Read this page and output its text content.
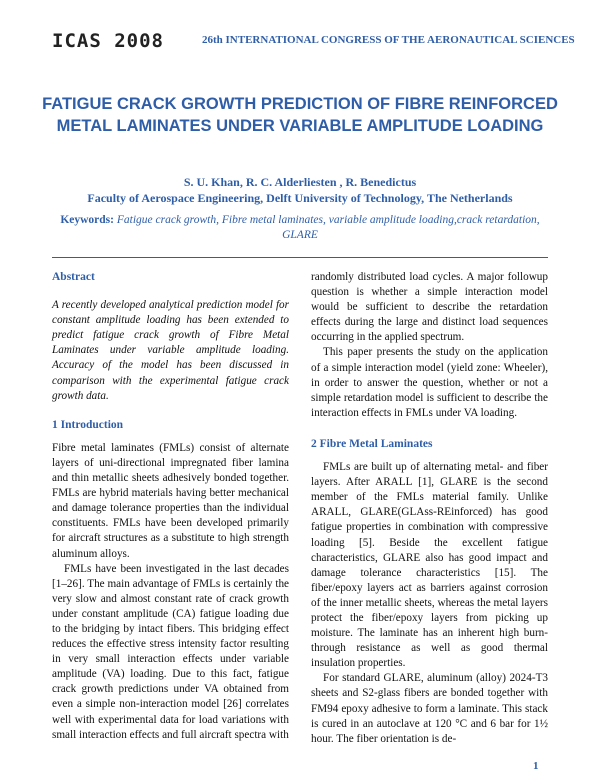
ICAS 2008	26th INTERNATIONAL CONGRESS OF THE AERONAUTICAL SCIENCES
FATIGUE CRACK GROWTH PREDICTION OF FIBRE REINFORCED METAL LAMINATES UNDER VARIABLE AMPLITUDE LOADING
S. U. Khan, R. C. Alderliesten , R. Benedictus
Faculty of Aerospace Engineering, Delft University of Technology, The Netherlands
Keywords: Fatigue crack growth, Fibre metal laminates, variable amplitude loading,crack retardation, GLARE
Abstract

A recently developed analytical prediction model for constant amplitude loading has been extended to predict fatigue crack growth of Fibre Metal Laminates under variable amplitude loading. Accuracy of the model has been discussed in comparison with the experimental fatigue crack growth data.

1 Introduction

Fibre metal laminates (FMLs) consist of alternate layers of uni-directional impregnated fiber lamina and thin metallic sheets adhesively bonded together. FMLs are hybrid materials having better mechanical and damage tolerance properties than the individual constituents. FMLs have been developed primarily for aircraft structures as a substitute to high strength aluminum alloys.

FMLs have been investigated in the last decades [1–26]. The main advantage of FMLs is certainly the very slow and almost constant rate of crack growth under constant amplitude (CA) fatigue loading due to the bridging by intact fibers. This bridging effect reduces the effective stress intensity factor resulting in very small interaction effects under variable amplitude (VA) loading. Due to this fact, fatigue crack growth predictions under VA obtained from even a simple non-interaction model [26] correlates well with experimental data for load variations with small interaction effects and full aircraft spectra with

randomly distributed load cycles. A major followup question is whether a simple interaction model would be sufficient to describe the retardation effects during the large and distinct load sequences occurring in the applied spectrum.

This paper presents the study on the application of a simple interaction model (yield zone: Wheeler), in order to answer the question, whether or not a simple retardation model is sufficient to describe the interaction effects in FMLs under VA loading.

2 Fibre Metal Laminates

FMLs are built up of alternating metal- and fiber layers. After ARALL [1], GLARE is the second member of the FMLs material family. Unlike ARALL, GLARE(GLAss-REinforced) has good fatigue properties in combination with compressive loading [5]. Beside the excellent fatigue characteristics, GLARE also has good impact and damage tolerance characteristics [15]. The fiber/epoxy layers act as barriers against corrosion of the inner metallic sheets, whereas the metal layers protect the fiber/epoxy layers from picking up moisture. The laminate has an inherent high burn-through resistance as well as good thermal insulation properties.

For standard GLARE, aluminum (alloy) 2024-T3 sheets and S2-glass fibers are bonded together with FM94 epoxy adhesive to form a laminate. This stack is cured in an autoclave at 120 °C and 6 bar for 1½ hour. The fiber orientation is de-

1
